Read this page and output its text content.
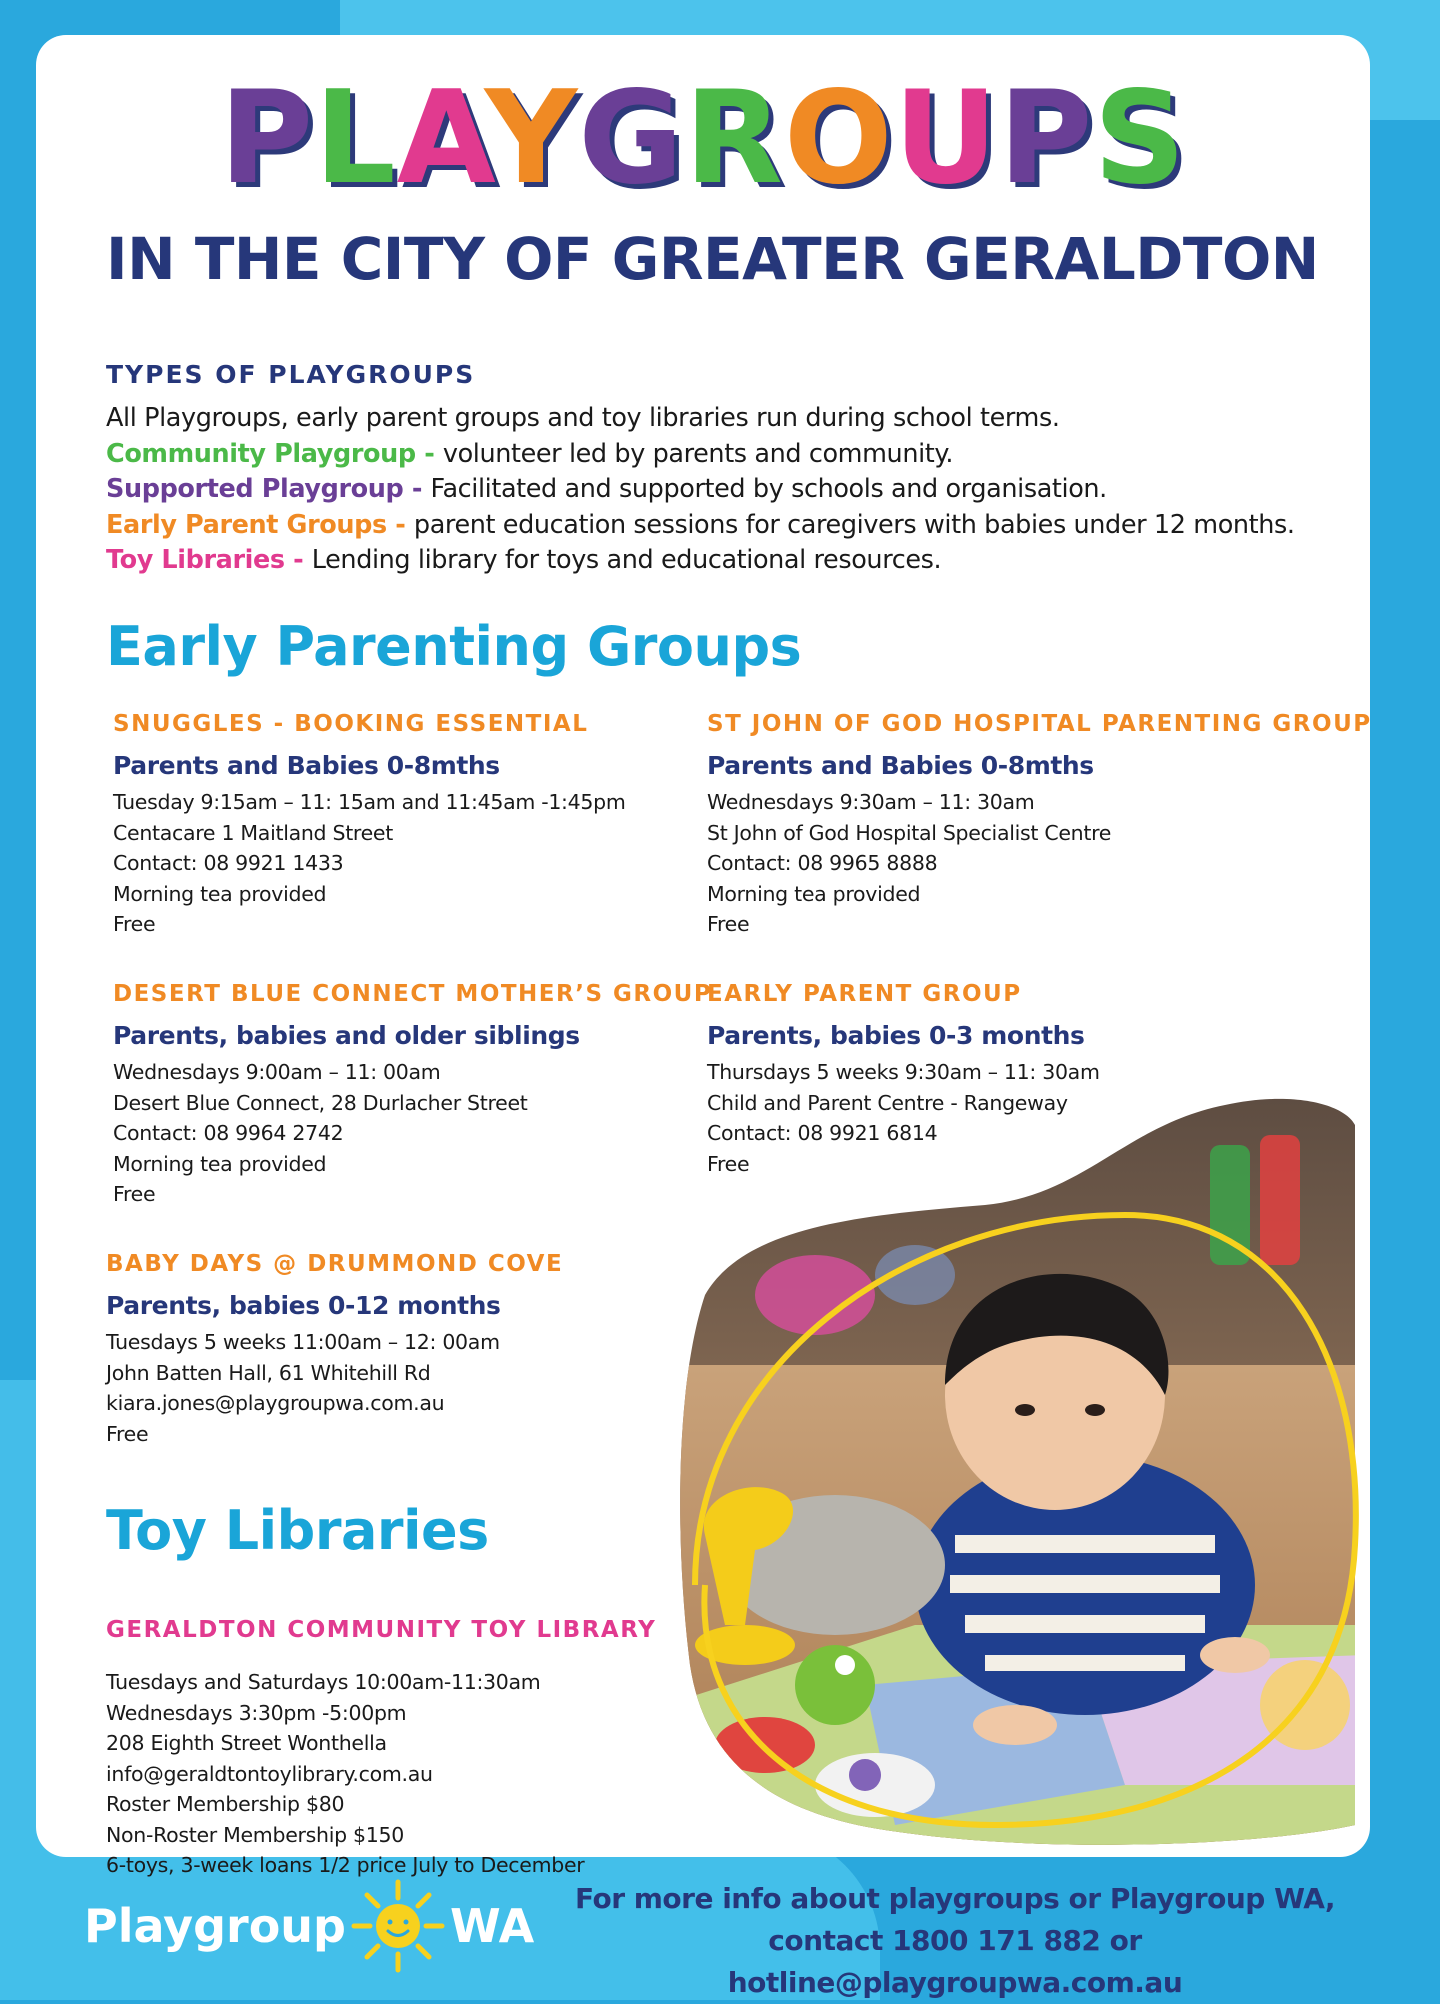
PLAYGROUPS
IN THE CITY OF GREATER GERALDTON
TYPES OF PLAYGROUPS
All Playgroups, early parent groups and toy libraries run during school terms.
Community Playgroup - volunteer led by parents and community.
Supported Playgroup - Facilitated and supported by schools and organisation.
Early Parent Groups - parent education sessions for caregivers with babies under 12 months.
Toy Libraries - Lending library for toys and educational resources.
Early Parenting Groups
SNUGGLES - BOOKING ESSENTIAL
Parents and Babies 0-8mths
Tuesday 9:15am – 11: 15am and 11:45am -1:45pm
Centacare 1 Maitland Street
Contact: 08 9921 1433
Morning tea provided
Free
ST JOHN OF GOD HOSPITAL PARENTING GROUP
Parents and Babies 0-8mths
Wednesdays 9:30am – 11: 30am
St John of God Hospital Specialist Centre
Contact: 08 9965 8888
Morning tea provided
Free
DESERT BLUE CONNECT MOTHER’S GROUP
Parents, babies and older siblings
Wednesdays 9:00am – 11: 00am
Desert Blue Connect, 28 Durlacher Street
Contact: 08 9964 2742
Morning tea provided
Free
EARLY PARENT GROUP
Parents, babies 0-3 months
Thursdays 5 weeks 9:30am – 11: 30am
Child and Parent Centre - Rangeway
Contact: 08 9921 6814
Free
BABY DAYS @ DRUMMOND COVE
Parents, babies 0-12 months
Tuesdays 5 weeks 11:00am – 12: 00am
John Batten Hall, 61 Whitehill Rd
kiara.jones@playgroupwa.com.au
Free
Toy Libraries
GERALDTON COMMUNITY TOY LIBRARY
Tuesdays and Saturdays 10:00am-11:30am
Wednesdays 3:30pm -5:00pm
208 Eighth Street Wonthella
info@geraldtontoylibrary.com.au
Roster Membership $80
Non-Roster Membership $150
6-toys, 3-week loans 1/2 price July to December
Playgroup WA
For more info about playgroups or Playgroup WA,
contact 1800 171 882 or hotline@playgroupwa.com.au
